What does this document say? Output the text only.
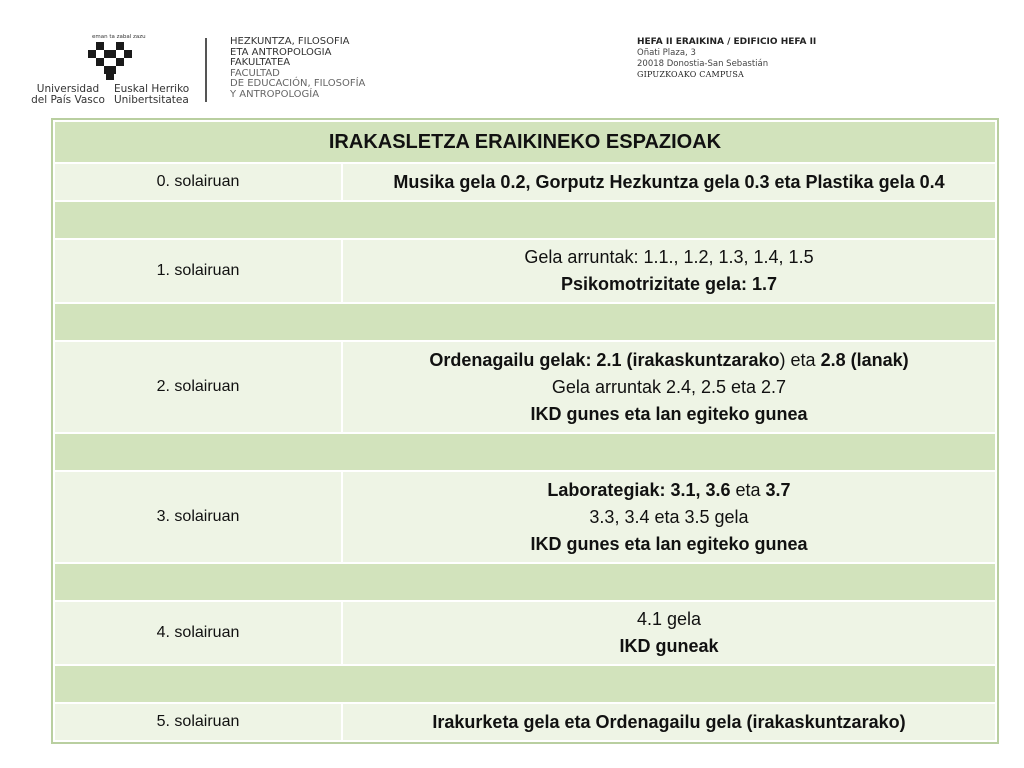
eman ta zabal zazu
Universidad
del País Vasco
Euskal Herriko
Unibertsitatea
HEZKUNTZA, FILOSOFIA
ETA ANTROPOLOGIA
FAKULTATEA
FACULTAD
DE EDUCACIÓN, FILOSOFÍA
Y ANTROPOLOGÍA
HEFA II ERAIKINA / EDIFICIO HEFA II
Oñati Plaza, 3
20018 Donostia-San Sebastián
GIPUZKOAKO CAMPUSA
IRAKASLETZA ERAIKINEKO ESPAZIOAK	
0. solairuan	Musika gela 0.2, Gorputz Hezkuntza gela 0.3 eta Plastika gela 0.4

1. solairuan	Gela arruntak: 1.1., 1.2, 1.3, 1.4, 1.5
Psikomotrizitate gela: 1.7

2. solairuan	Ordenagailu gelak: 2.1 (irakaskuntzarako) eta 2.8 (lanak)
Gela arruntak 2.4, 2.5 eta 2.7
IKD gunes eta lan egiteko gunea

3. solairuan	Laborategiak: 3.1, 3.6 eta 3.7
3.3, 3.4 eta 3.5 gela
IKD gunes eta lan egiteko gunea

4. solairuan	4.1 gela
IKD guneak

5. solairuan	Irakurketa gela eta Ordenagailu gela (irakaskuntzarako)
